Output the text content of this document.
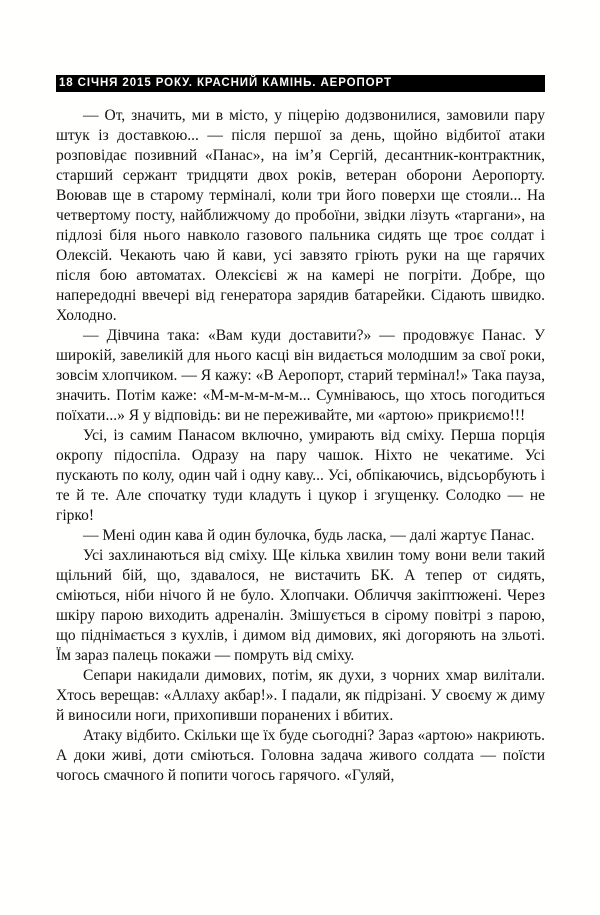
18 СІЧНЯ 2015 РОКУ. КРАСНИЙ КАМІНЬ. АЕРОПОРТ

— От, значить, ми в місто, у піцерію додзвонилися, замовили пару штук із доставкою... — після першої за день, щойно відбитої атаки розповідає позивний «Панас», на ім’я Сергій, десантник-контрактник, старший сержант тридцяти двох років, ветеран оборони Аеропорту. Воював ще в старому терміналі, коли три його поверхи ще стояли... На четвертому посту, найближчому до пробоїни, звідки лізуть «таргани», на підлозі біля нього навколо газового пальника сидять ще троє солдат і Олексій. Чекають чаю й кави, усі завзято гріють руки на ще гарячих після бою автоматах. Олексієві ж на камері не погріти. Добре, що напередодні ввечері від генератора зарядив батарейки. Сідають швидко. Холодно.

— Дівчина така: «Вам куди доставити?» — продовжує Панас. У широкій, завеликій для нього касці він видається молодшим за свої роки, зовсім хлопчиком. — Я кажу: «В Аеропорт, старий термінал!» Така пауза, значить. Потім каже: «М-м-м-м-м-м... Сумніваюсь, що хтось погодиться поїхати...» Я у відповідь: ви не переживайте, ми «артою» прикриємо!!!

Усі, із самим Панасом включно, умирають від сміху. Перша порція окропу підоспіла. Одразу на пару чашок. Ніхто не чекатиме. Усі пускають по колу, один чай і одну каву... Усі, обпікаючись, відсьорбують і те й те. Але спочатку туди кладуть і цукор і згущенку. Солодко — не гірко!

— Мені один кава й один булочка, будь ласка, — далі жартує Панас.

Усі захлинаються від сміху. Ще кілька хвилин тому вони вели такий щільний бій, що, здавалося, не вистачить БК. А тепер от сидять, сміються, ніби нічого й не було. Хлопчаки. Обличчя закіптюжені. Через шкіру парою виходить адреналін. Змішується в сірому повітрі з парою, що піднімається з кухлів, і димом від димових, які догоряють на зльоті. Їм зараз палець покажи — помруть від сміху.

Сепари накидали димових, потім, як духи, з чорних хмар вилітали. Хтось верещав: «Аллаху акбар!». І падали, як підрізані. У своєму ж диму й виносили ноги, прихопивши поранених і вбитих.

Атаку відбито. Скільки ще їх буде сьогодні? Зараз «артою» накриють. А доки живі, доти сміються. Головна задача живого солдата — поїсти чогось смачного й попити чогось гарячого. «Гуляй,
